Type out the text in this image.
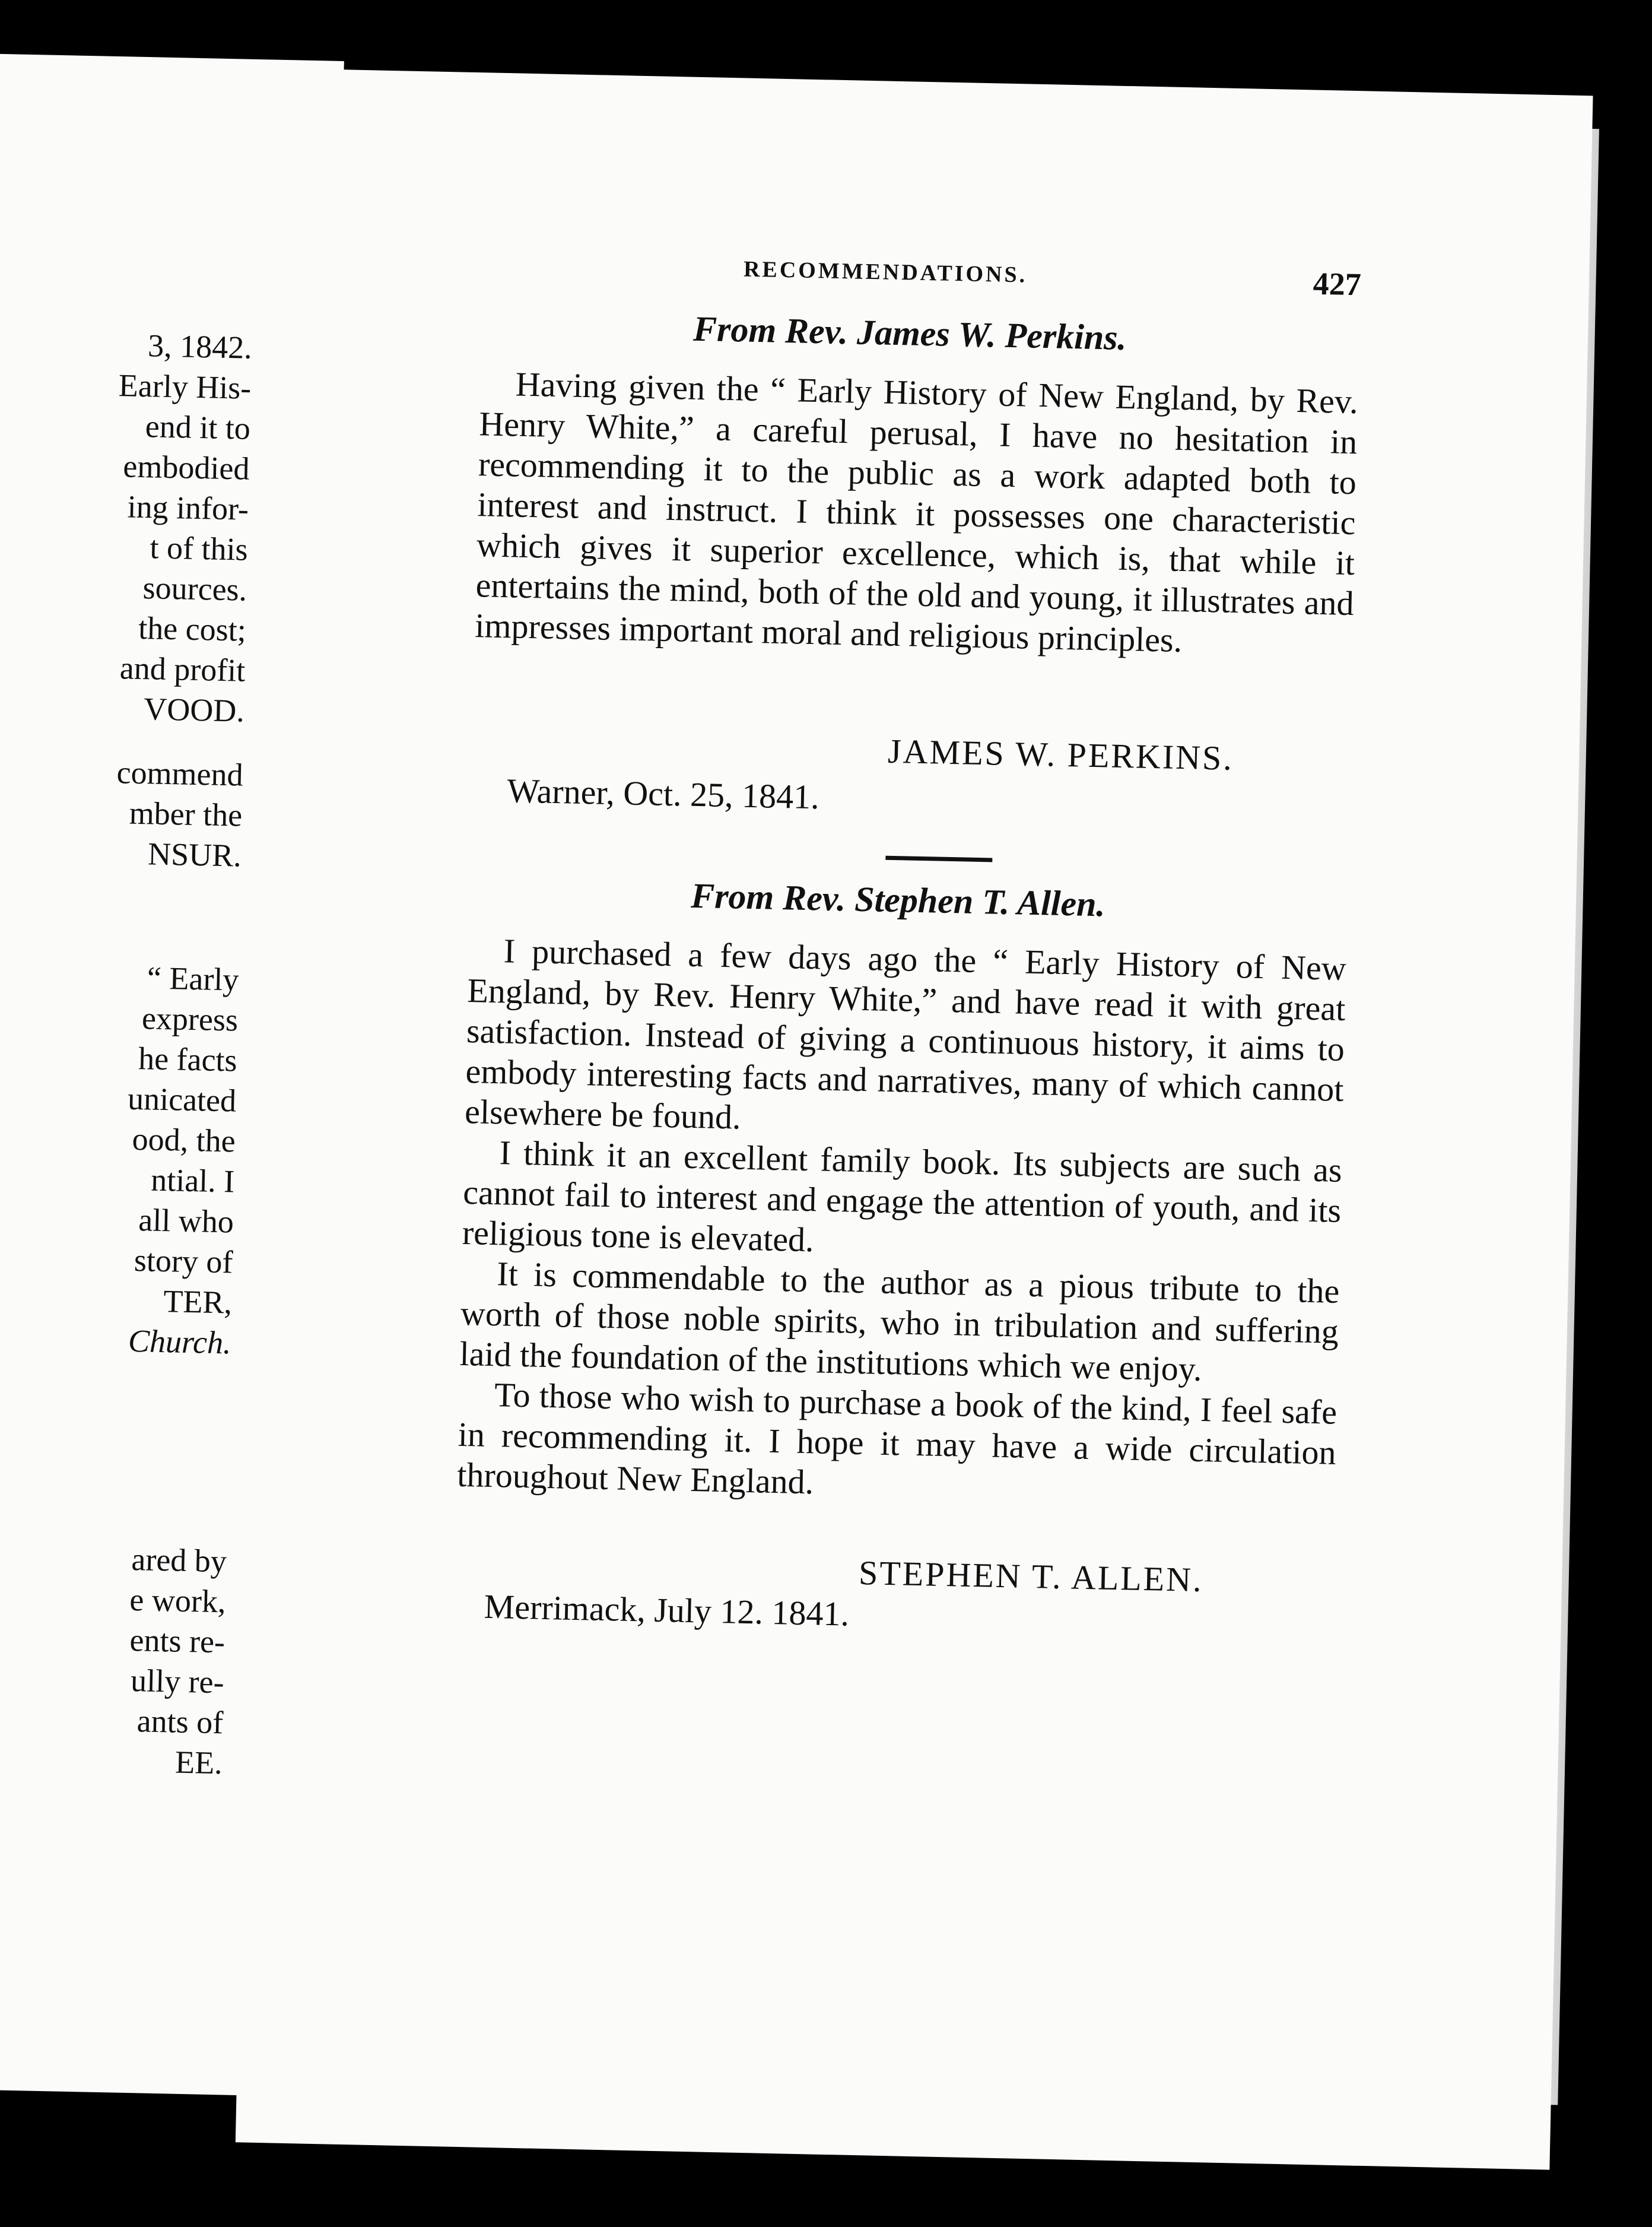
3, 1842.
Early His-
end it to
embodied
ing infor-
t of this
sources.
the cost;
and profit
VOOD.
commend
mber the
NSUR.
“ Early
express
he facts
unicated
ood, the
ntial. I
all who
story of
TER,
Church.
ared by
e work,
ents re-
ully re-
ants of
EE.
RECOMMENDATIONS.	427
From Rev. James W. Perkins.

Having given the “ Early History of New England, by Rev. Henry White,” a careful perusal, I have no hesitation in recommending it to the public as a work adapted both to interest and instruct. I think it possesses one characteristic which gives it superior excellence, which is, that while it entertains the mind, both of the old and young, it illustrates and impresses important moral and religious principles.

JAMES W. PERKINS.
Warner, Oct. 25, 1841.
From Rev. Stephen T. Allen.

I purchased a few days ago the “ Early History of New England, by Rev. Henry White,” and have read it with great satisfaction. Instead of giving a continuous history, it aims to embody interesting facts and narratives, many of which cannot elsewhere be found.

I think it an excellent family book. Its subjects are such as cannot fail to interest and engage the attention of youth, and its religious tone is elevated.

It is commendable to the author as a pious tribute to the worth of those noble spirits, who in tribulation and suffering laid the foundation of the institutions which we enjoy.

To those who wish to purchase a book of the kind, I feel safe in recommending it. I hope it may have a wide circulation throughout New England.

STEPHEN T. ALLEN.
Merrimack, July 12. 1841.
